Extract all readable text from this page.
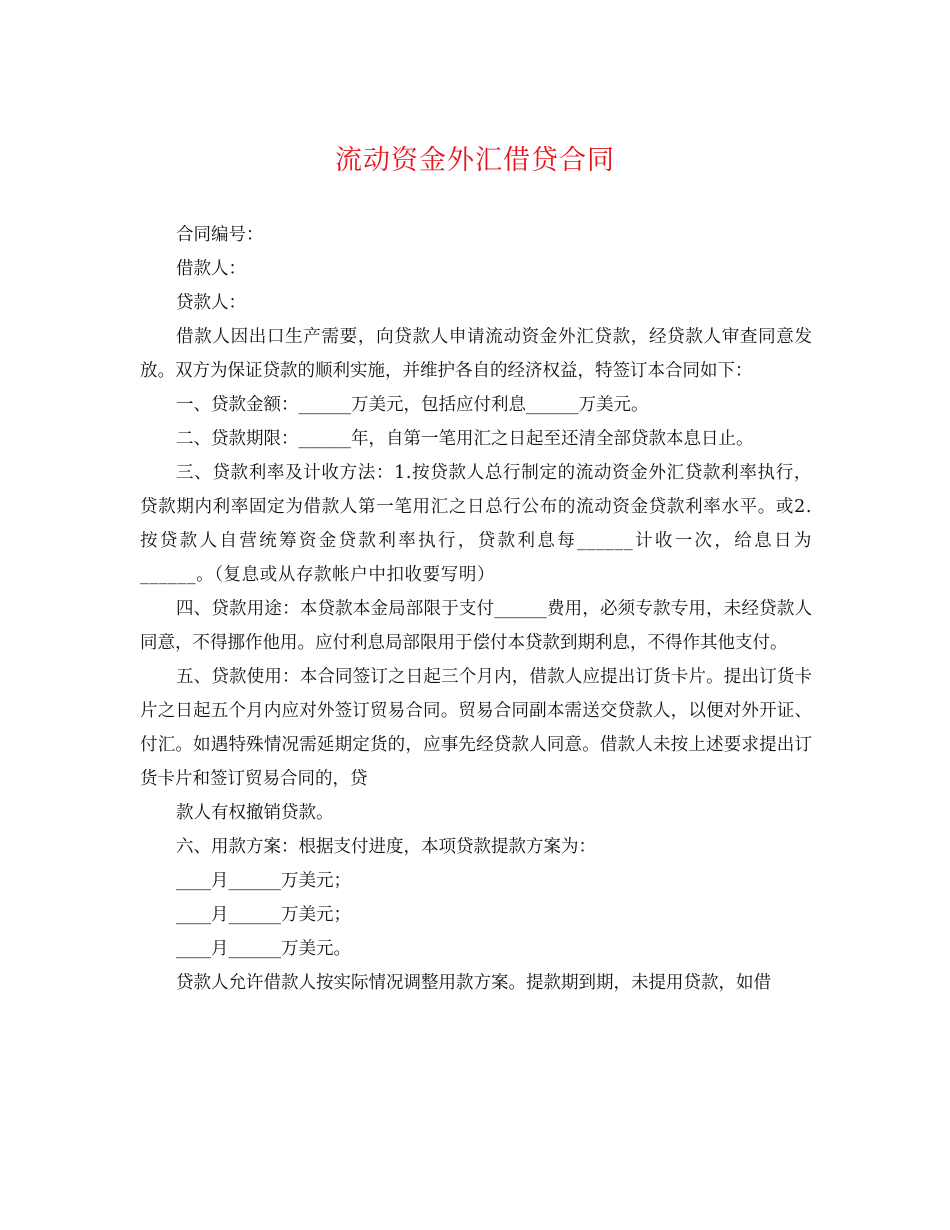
流动资金外汇借贷合同

合同编号：

借款人：

贷款人：

借款人因出口生产需要，向贷款人申请流动资金外汇贷款，经贷款人审查同意发放。双方为保证贷款的顺利实施，并维护各自的经济权益，特签订本合同如下：

一、贷款金额：______万美元，包括应付利息______万美元。

二、贷款期限：______年，自第一笔用汇之日起至还清全部贷款本息日止。

三、贷款利率及计收方法：1.按贷款人总行制定的流动资金外汇贷款利率执行，贷款期内利率固定为借款人第一笔用汇之日总行公布的流动资金贷款利率水平。或2.按贷款人自营统筹资金贷款利率执行，贷款利息每______计收一次，给息日为______。（复息或从存款帐户中扣收要写明）

四、贷款用途：本贷款本金局部限于支付______费用，必须专款专用，未经贷款人同意，不得挪作他用。应付利息局部限用于偿付本贷款到期利息，不得作其他支付。

五、贷款使用：本合同签订之日起三个月内，借款人应提出订货卡片。提出订货卡片之日起五个月内应对外签订贸易合同。贸易合同副本需送交贷款人，以便对外开证、付汇。如遇特殊情况需延期定货的，应事先经贷款人同意。借款人未按上述要求提出订货卡片和签订贸易合同的，贷

款人有权撤销贷款。

六、用款方案：根据支付进度，本项贷款提款方案为：

____月______万美元；

____月______万美元；

____月______万美元。

贷款人允许借款人按实际情况调整用款方案。提款期到期，未提用贷款，如借
